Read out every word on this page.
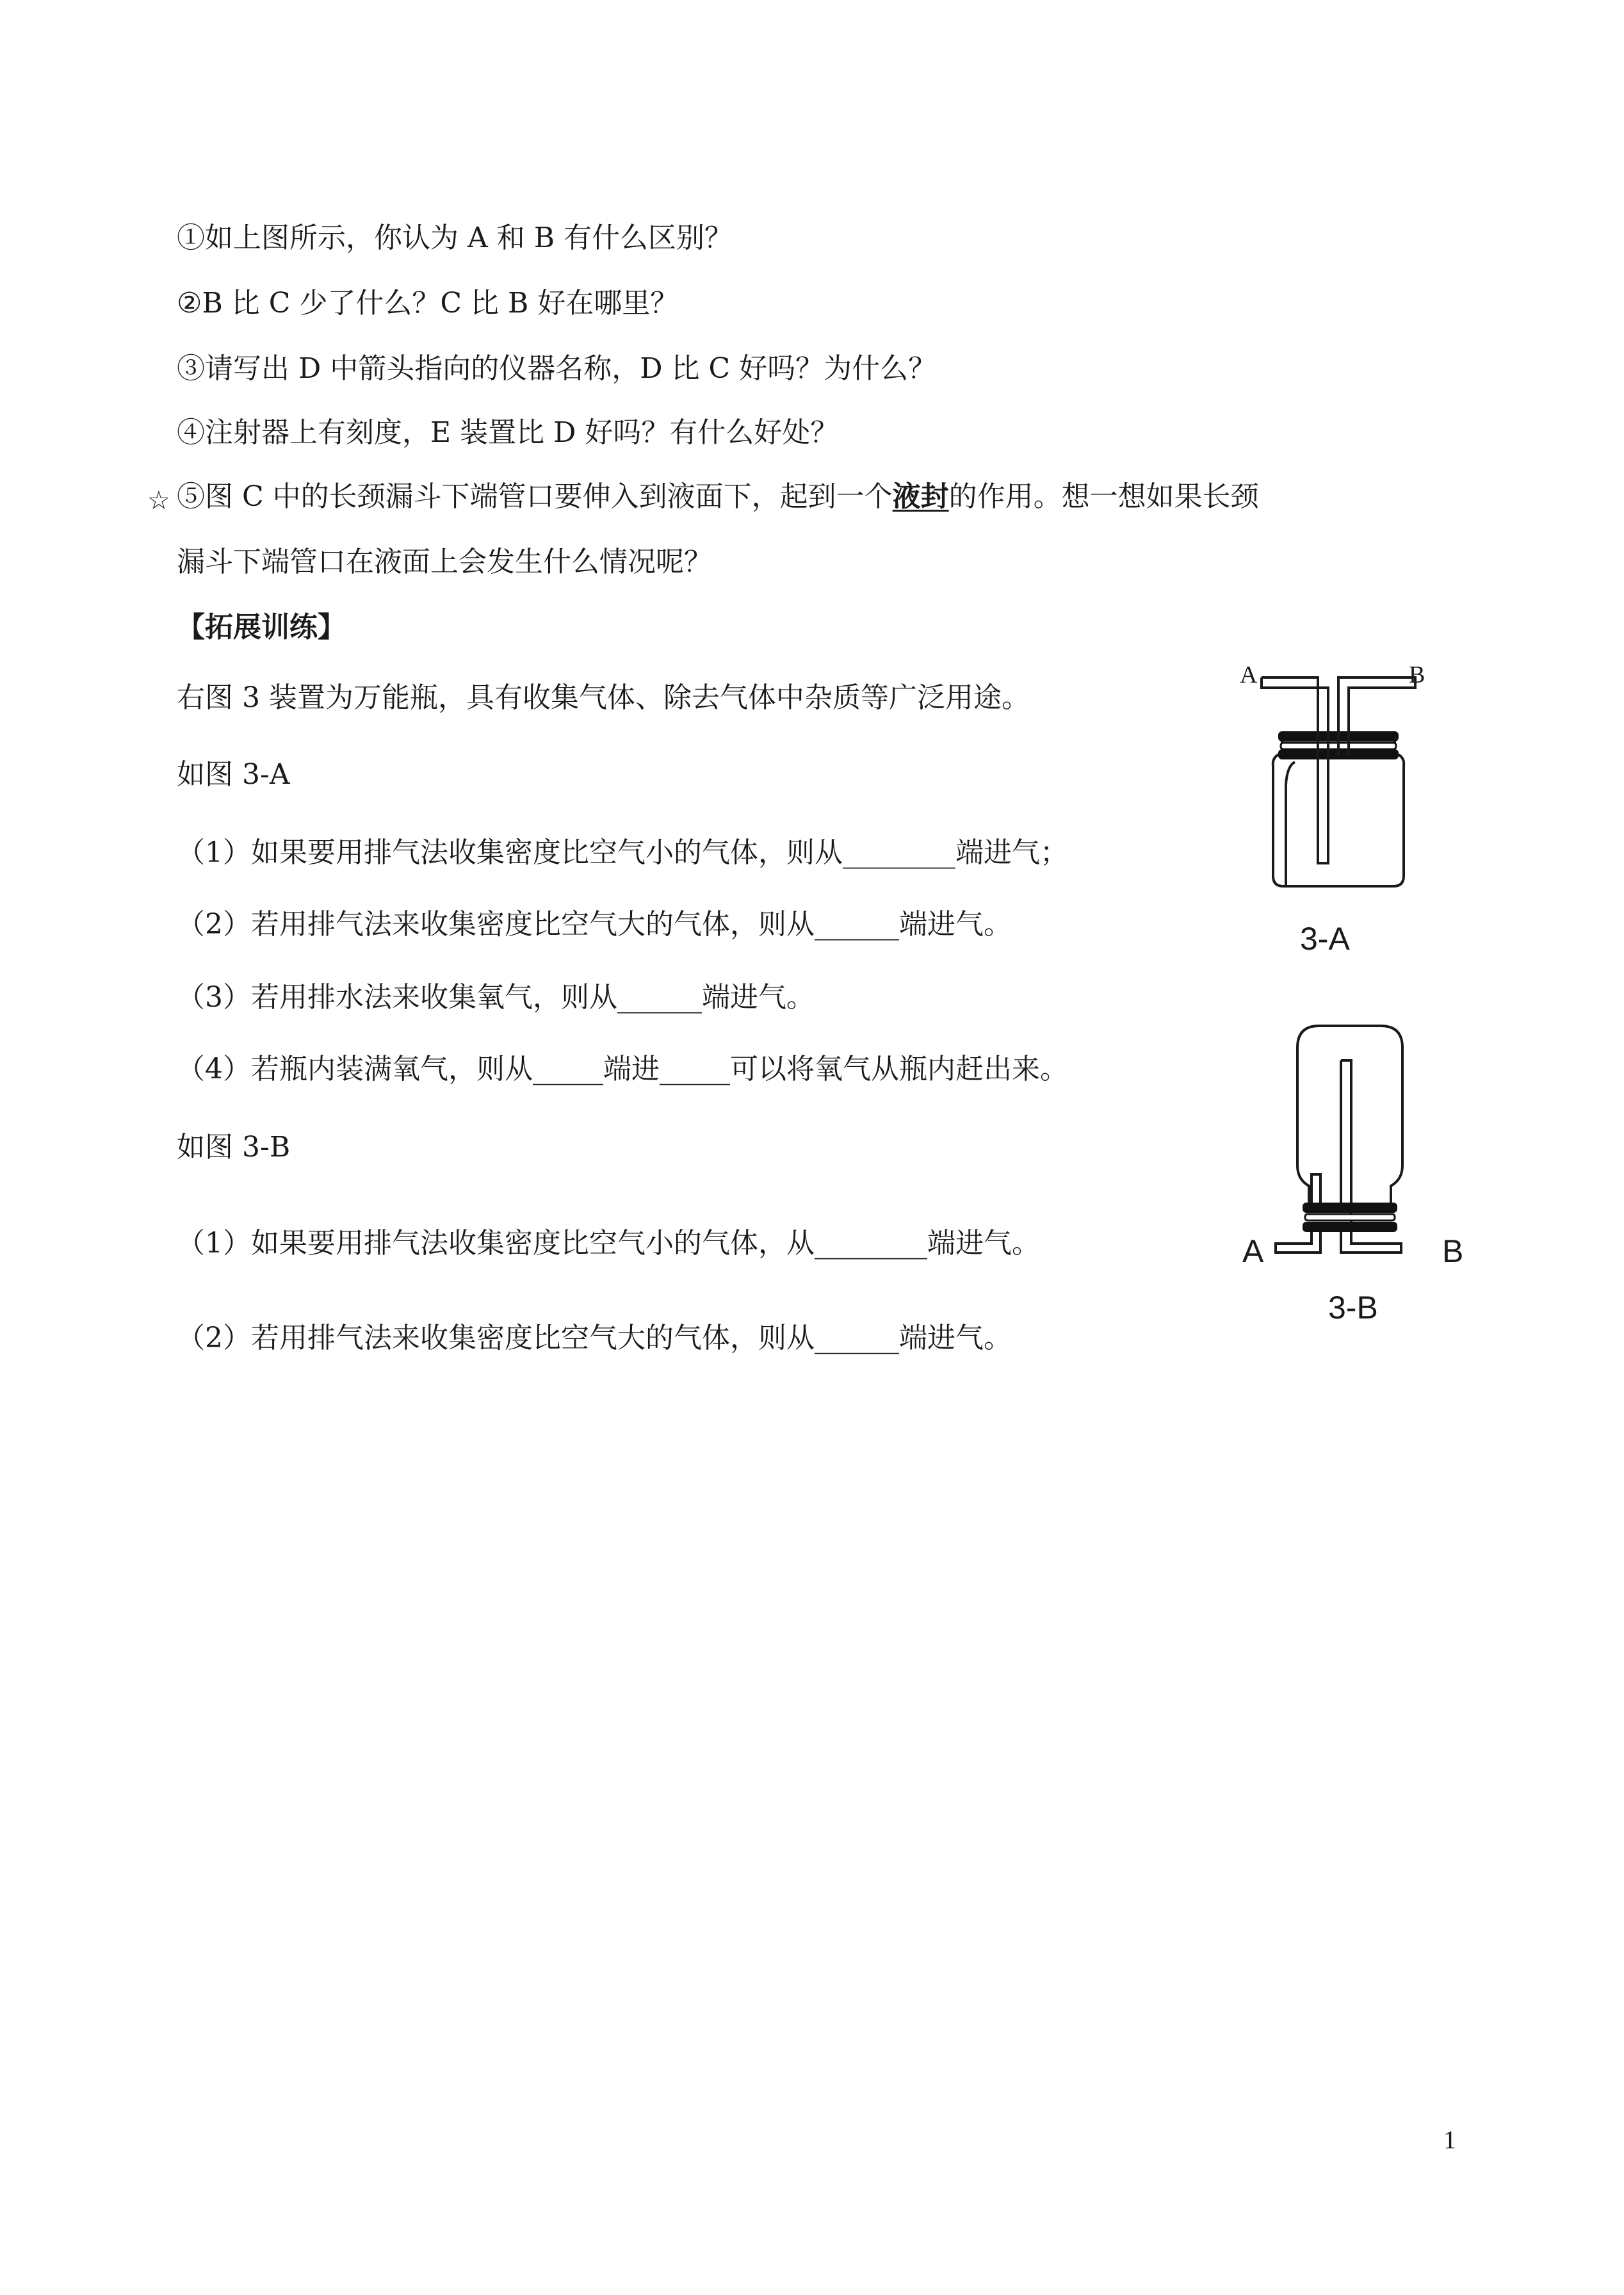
①如上图所示，你认为 A 和 B 有什么区别？
②B 比 C 少了什么？C 比 B 好在哪里？
③请写出 D 中箭头指向的仪器名称，D 比 C 好吗？为什么？
④注射器上有刻度，E 装置比 D 好吗？有什么好处？
☆ ⑤图 C 中的长颈漏斗下端管口要伸入到液面下，起到一个液封的作用。想一想如果长颈
漏斗下端管口在液面上会发生什么情况呢？
【拓展训练】
右图 3 装置为万能瓶，具有收集气体、除去气体中杂质等广泛用途。
如图 3-A
（1）如果要用排气法收集密度比空气小的气体，则从________端进气；
（2）若用排气法来收集密度比空气大的气体，则从______端进气。
（3）若用排水法来收集氧气，则从______端进气。
（4）若瓶内装满氧气，则从_____端进_____可以将氧气从瓶内赶出来。
如图 3-B
（1）如果要用排气法收集密度比空气小的气体，从________端进气。
（2）若用排气法来收集密度比空气大的气体，则从______端进气。
A	B
3-A
A	B
3-B
1
